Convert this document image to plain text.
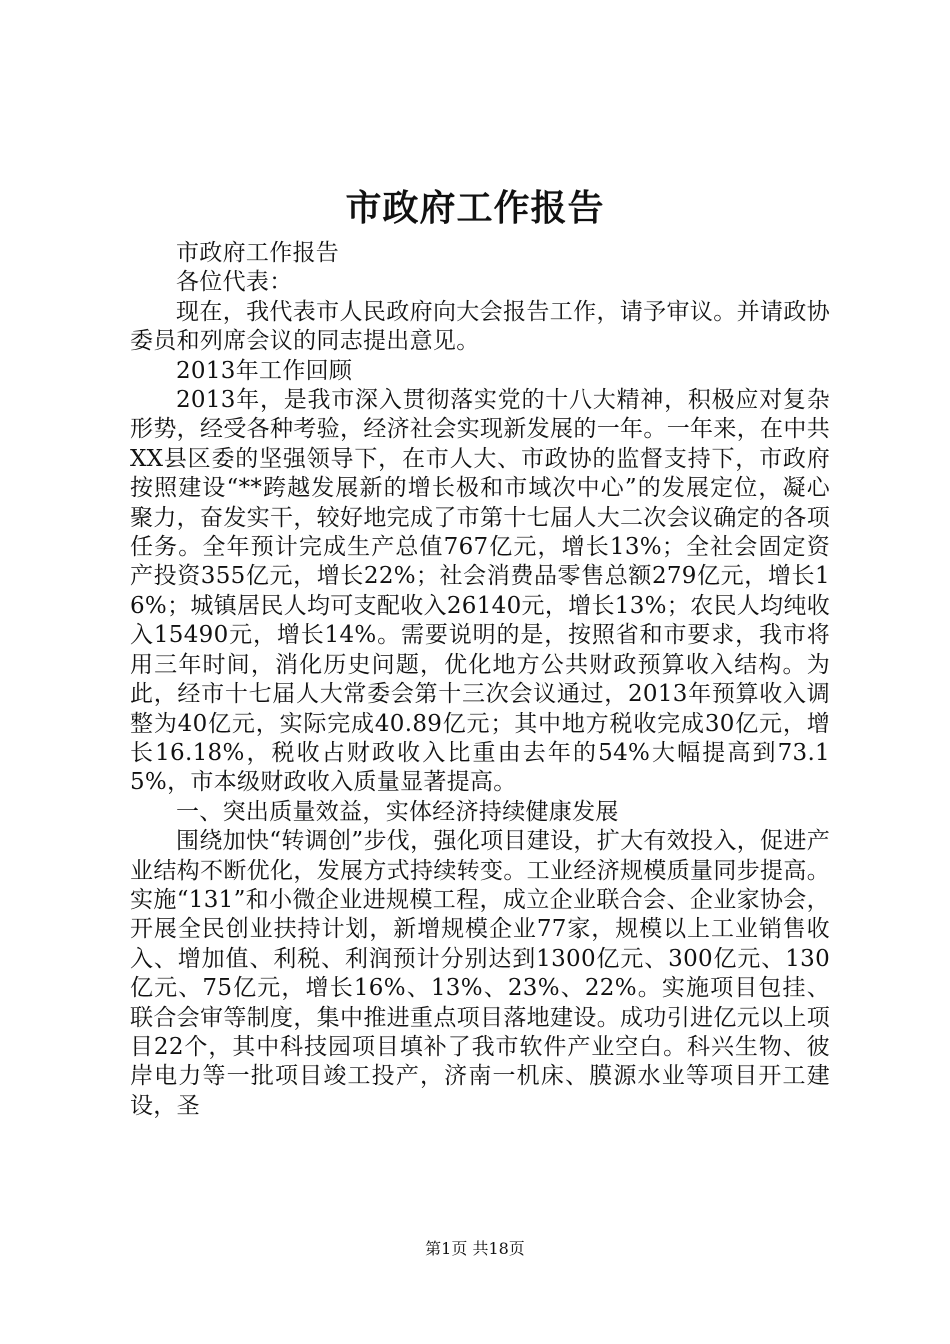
市政府工作报告

市政府工作报告

各位代表：

现在，我代表市人民政府向大会报告工作，请予审议。并请政协委员和列席会议的同志提出意见。

2013年工作回顾

2013年，是我市深入贯彻落实党的十八大精神，积极应对复杂形势，经受各种考验，经济社会实现新发展的一年。一年来，在中共XX县区委的坚强领导下，在市人大、市政协的监督支持下，市政府按照建设“**跨越发展新的增长极和市域次中心”的发展定位，凝心聚力，奋发实干，较好地完成了市第十七届人大二次会议确定的各项任务。全年预计完成生产总值767亿元，增长13%；全社会固定资产投资355亿元，增长22%；社会消费品零售总额279亿元，增长16%；城镇居民人均可支配收入26140元，增长13%；农民人均纯收入15490元，增长14%。需要说明的是，按照省和市要求，我市将用三年时间，消化历史问题，优化地方公共财政预算收入结构。为此，经市十七届人大常委会第十三次会议通过，2013年预算收入调整为40亿元，实际完成40.89亿元；其中地方税收完成30亿元，增长16.18%，税收占财政收入比重由去年的54%大幅提高到73.15%，市本级财政收入质量显著提高。

一、突出质量效益，实体经济持续健康发展

围绕加快“转调创”步伐，强化项目建设，扩大有效投入，促进产业结构不断优化，发展方式持续转变。工业经济规模质量同步提高。实施“131”和小微企业进规模工程，成立企业联合会、企业家协会，开展全民创业扶持计划，新增规模企业77家，规模以上工业销售收入、增加值、利税、利润预计分别达到1300亿元、300亿元、130亿元、75亿元，增长16%、13%、23%、22%。实施项目包挂、联合会审等制度，集中推进重点项目落地建设。成功引进亿元以上项目22个，其中科技园项目填补了我市软件产业空白。科兴生物、彼岸电力等一批项目竣工投产，济南一机床、膜源水业等项目开工建设，圣

第1页 共18页
